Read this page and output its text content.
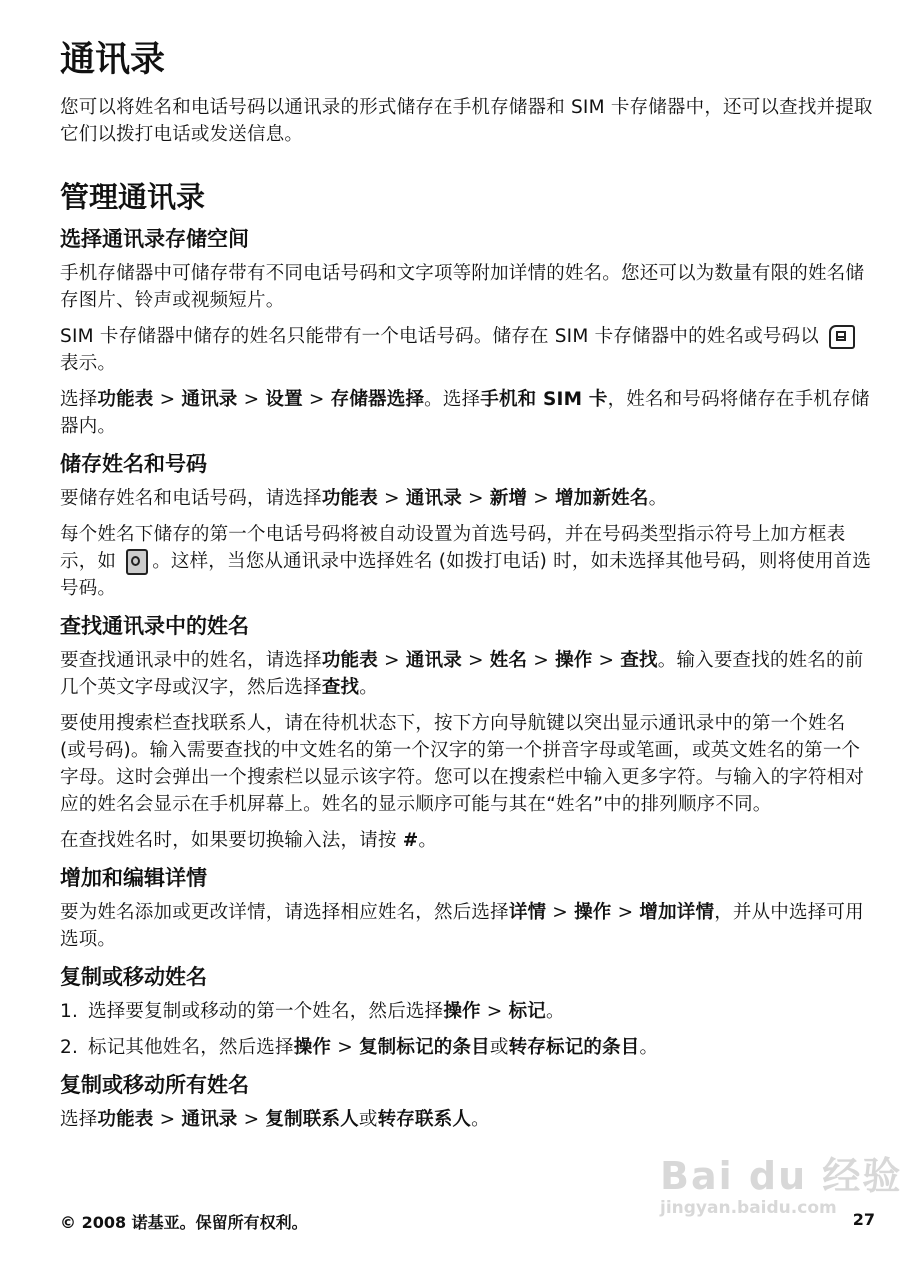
通讯录
您可以将姓名和电话号码以通讯录的形式储存在手机存储器和 SIM 卡存储器中，还可以查找并提取它们以拨打电话或发送信息。
管理通讯录
选择通讯录存储空间
手机存储器中可储存带有不同电话号码和文字项等附加详情的姓名。您还可以为数量有限的姓名储存图片、铃声或视频短片。
SIM 卡存储器中储存的姓名只能带有一个电话号码。储存在 SIM 卡存储器中的姓名或号码以  表示。
选择功能表 > 通讯录 > 设置 > 存储器选择。选择手机和 SIM 卡，姓名和号码将储存在手机存储器内。
储存姓名和号码
要储存姓名和电话号码，请选择功能表 > 通讯录 > 新增 > 增加新姓名。
每个姓名下储存的第一个电话号码将被自动设置为首选号码，并在号码类型指示符号上加方框表示，如 。这样，当您从通讯录中选择姓名 (如拨打电话) 时，如未选择其他号码，则将使用首选号码。
查找通讯录中的姓名
要查找通讯录中的姓名，请选择功能表 > 通讯录 > 姓名 > 操作 > 查找。输入要查找的姓名的前几个英文字母或汉字，然后选择查找。
要使用搜索栏查找联系人，请在待机状态下，按下方向导航键以突出显示通讯录中的第一个姓名 (或号码)。输入需要查找的中文姓名的第一个汉字的第一个拼音字母或笔画，或英文姓名的第一个字母。这时会弹出一个搜索栏以显示该字符。您可以在搜索栏中输入更多字符。与输入的字符相对应的姓名会显示在手机屏幕上。姓名的显示顺序可能与其在“姓名”中的排列顺序不同。
在查找姓名时，如果要切换输入法，请按 #。
增加和编辑详情
要为姓名添加或更改详情，请选择相应姓名，然后选择详情 > 操作 > 增加详情，并从中选择可用选项。
复制或移动姓名
1. 选择要复制或移动的第一个姓名，然后选择操作 > 标记。
2. 标记其他姓名，然后选择操作 > 复制标记的条目或转存标记的条目。
复制或移动所有姓名
选择功能表 > 通讯录 > 复制联系人或转存联系人。
© 2008 诺基亚。保留所有权利。	27
Bai du 经验
jingyan.baidu.com
